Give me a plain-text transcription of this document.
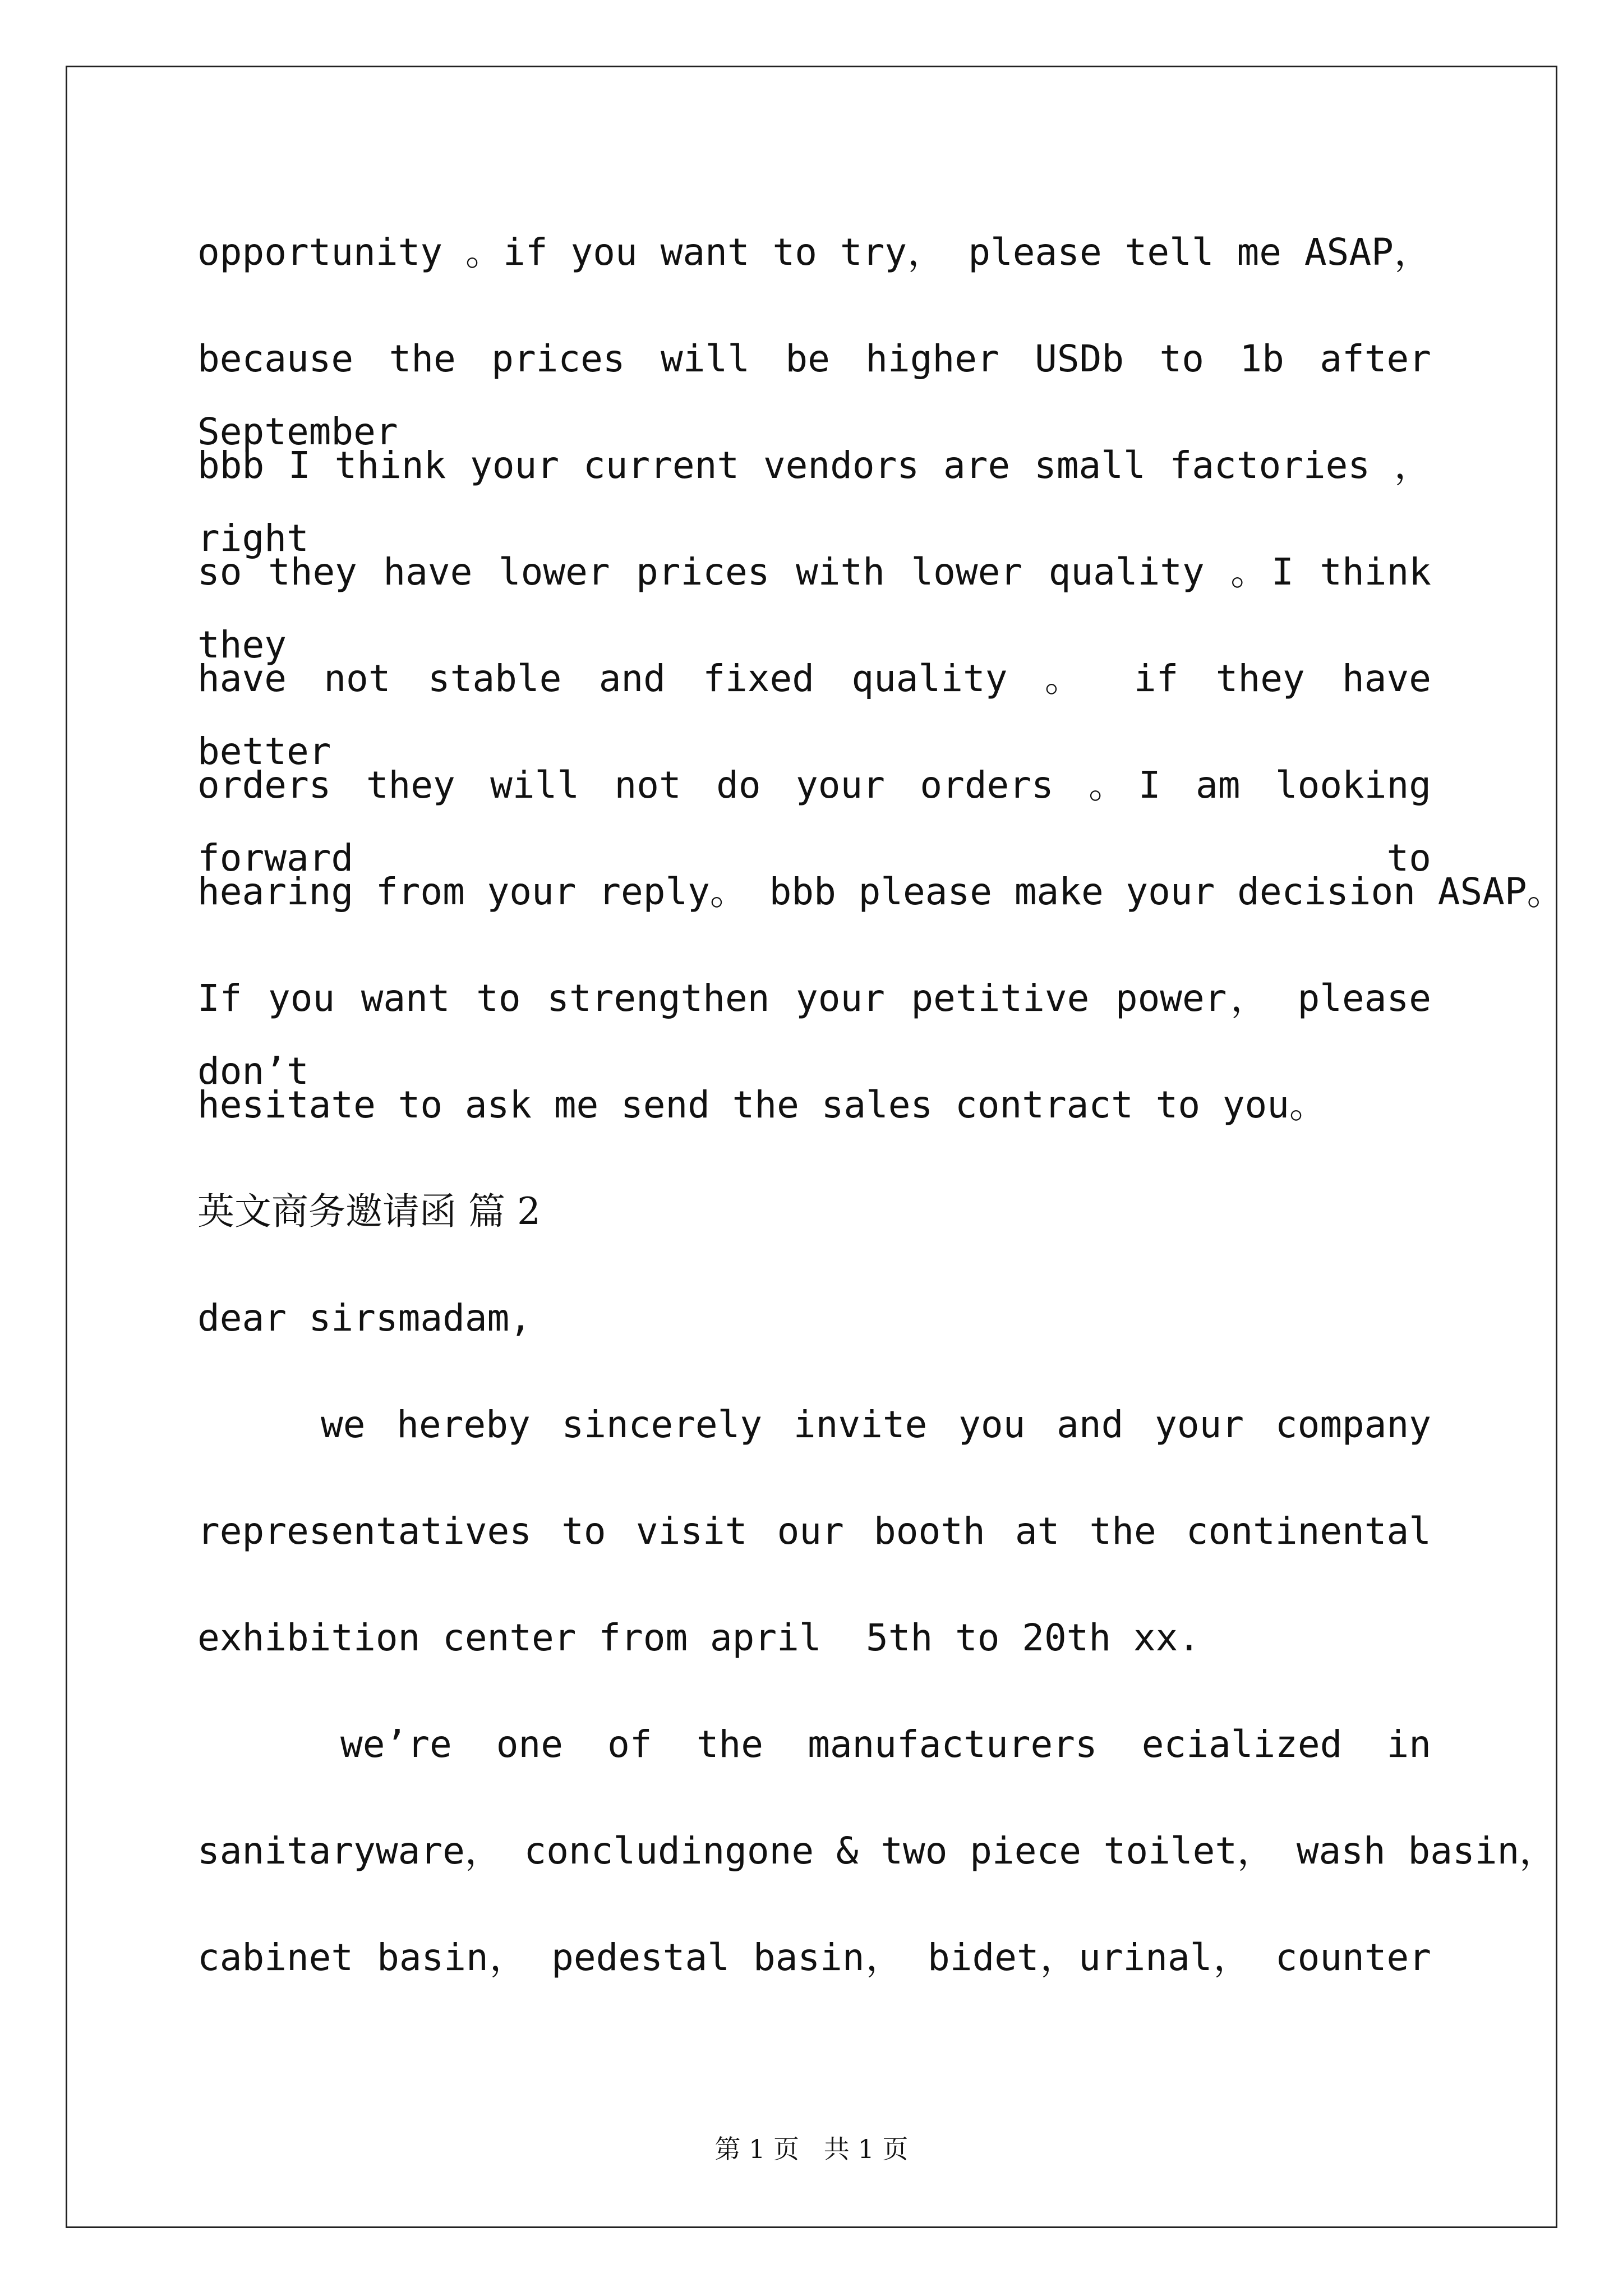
opportunity 。if you want to try， please tell me ASAP，
because the prices will be higher USDb to 1b after September
bbb I think your current vendors are small factories ， right
so they have lower prices with lower quality 。I think they
have not stable and fixed quality 。 if they have better
orders they will not do your orders 。I am looking forward to
hearing from your reply。 bbb please make your decision ASAP。
If you want to strengthen your petitive power， please don’t
hesitate to ask me send the sales contract to you。
英文商务邀请函 篇 2
dear sirsmadam,
we hereby sincerely invite you and your company
representatives to visit our booth at the continental
exhibition center from april  5th to 20th xx.
we’re one of the manufacturers ecialized in
sanitaryware， concludingone & two piece toilet， wash basin，
cabinet basin， pedestal basin， bidet，urinal， counter
第 1 页   共 1 页
